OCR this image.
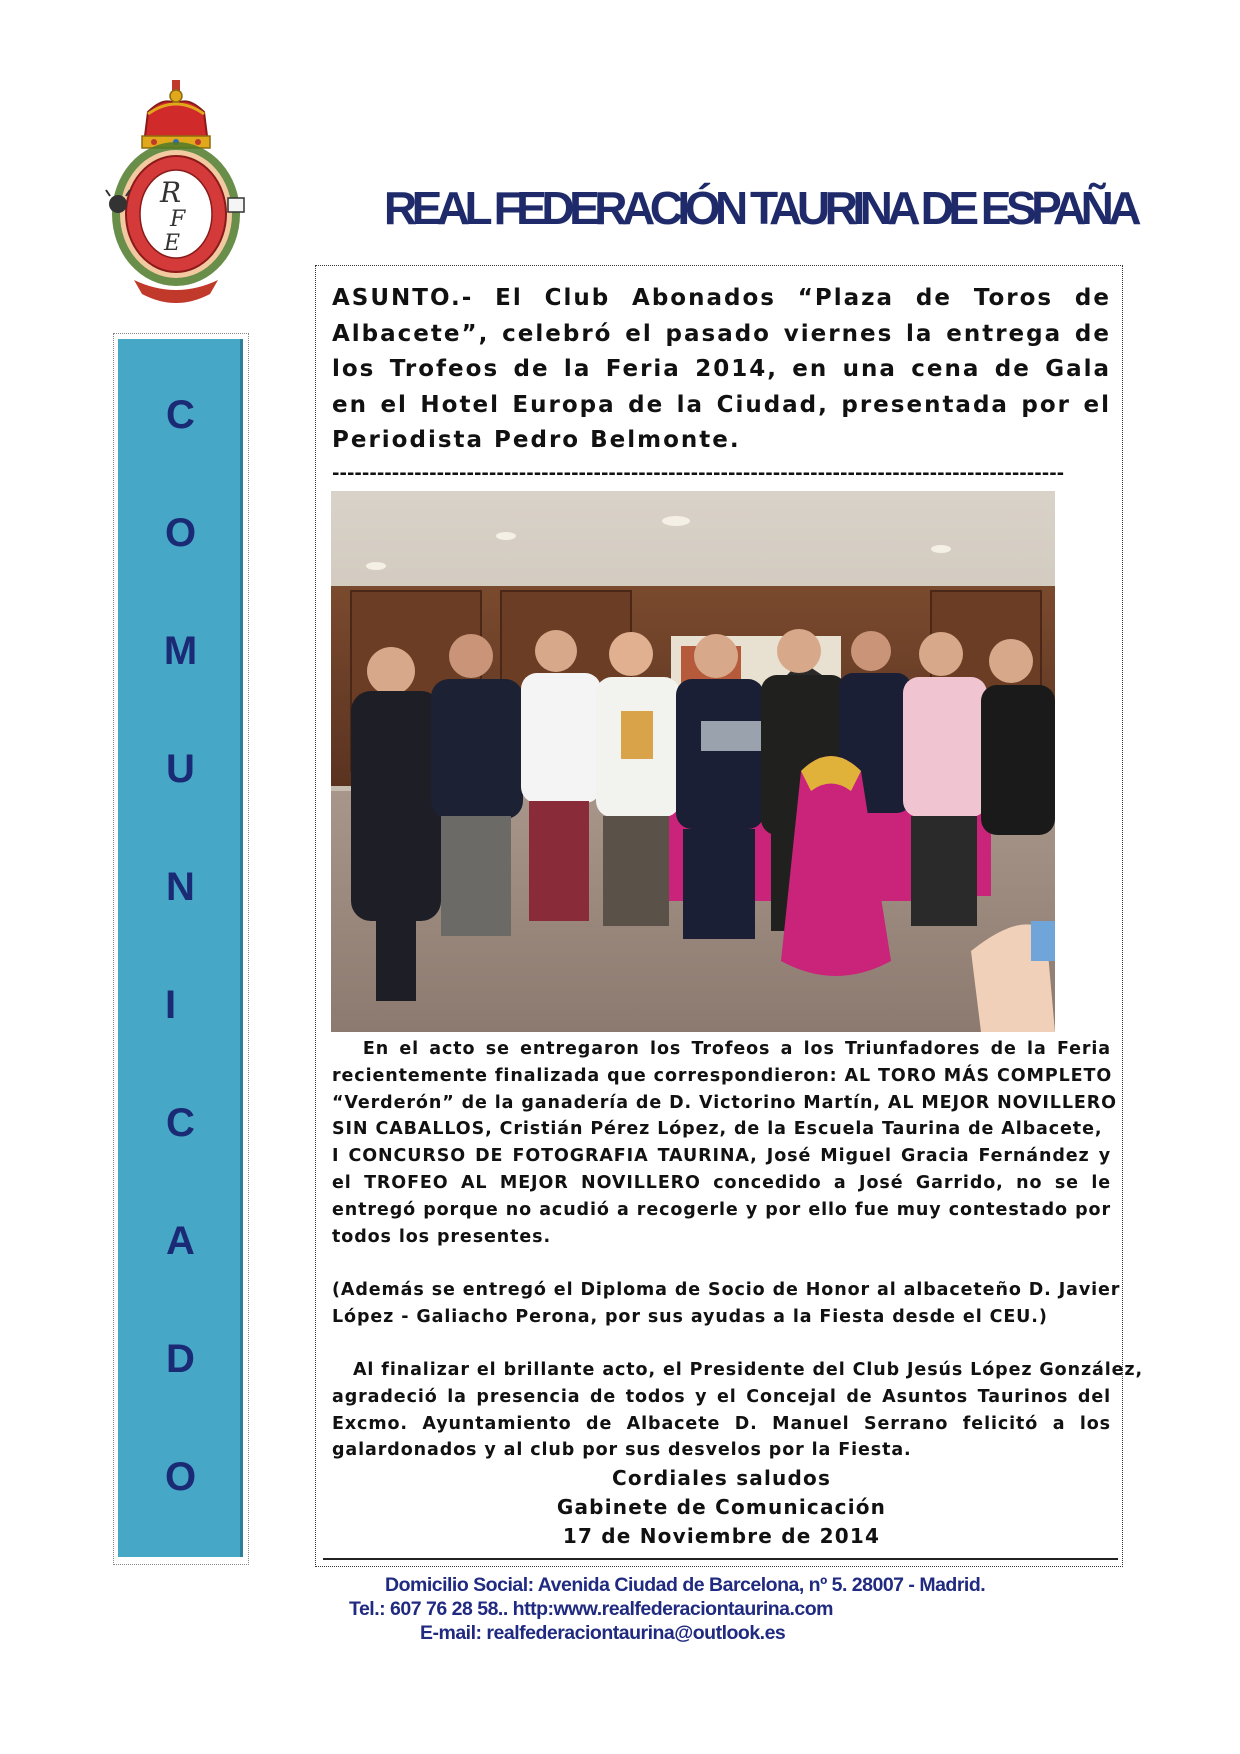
R
F
E
REAL FEDERACIÓN TAURINA DE ESPAÑA
C
O
M
U
N
I
C
A
D
O
ASUNTO.- El Club Abonados “Plaza de Toros de Albacete”, celebró el pasado viernes la entrega de los Trofeos de la Feria 2014, en una cena de Gala en el Hotel Europa de la Ciudad, presentada por el Periodista Pedro Belmonte.
--------------------------------------------------------------------------------------------------
En el acto se entregaron los Trofeos a los Triunfadores de la Feria
recientemente finalizada que correspondieron: AL TORO MÁS COMPLETO
“Verderón” de la ganadería de D. Victorino Martín, AL MEJOR NOVILLERO
SIN CABALLOS, Cristián Pérez López, de la Escuela Taurina de Albacete,
I CONCURSO DE FOTOGRAFIA TAURINA, José Miguel Gracia Fernández y
el TROFEO AL MEJOR NOVILLERO concedido a José Garrido, no se le
entregó porque no acudió a recogerle y por ello fue muy contestado por
todos los presentes.
(Además se entregó el Diploma de Socio de Honor al albaceteño D. Javier
López - Galiacho Perona, por sus ayudas a la Fiesta desde el CEU.)
Al finalizar el brillante acto, el Presidente del Club Jesús López González,
agradeció la presencia de todos y el Concejal de Asuntos Taurinos del
Excmo. Ayuntamiento de Albacete D. Manuel Serrano felicitó a los
galardonados y al club por sus desvelos por la Fiesta.
Cordiales saludos
Gabinete de Comunicación
17 de Noviembre de 2014
Domicilio Social: Avenida Ciudad de Barcelona, nº 5. 28007 - Madrid.
Tel.: 607 76 28 58.. http:www.realfederaciontaurina.com
E-mail: realfederaciontaurina@outlook.es
